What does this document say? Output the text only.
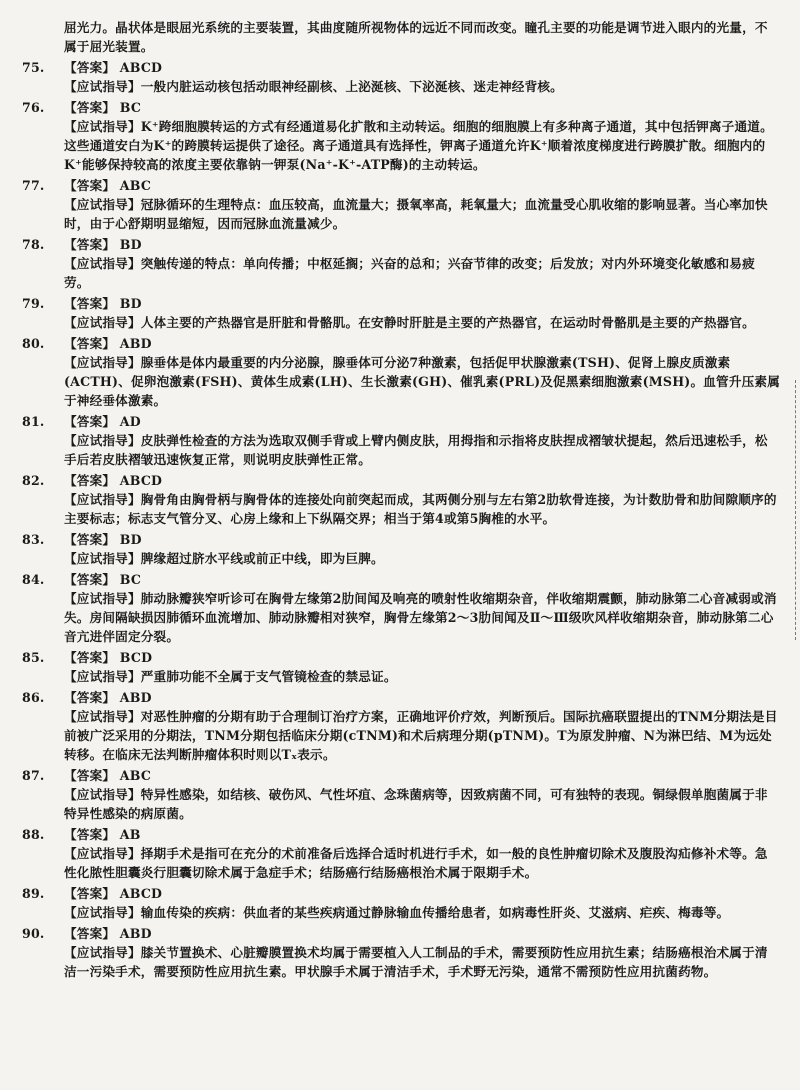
屈光力。晶状体是眼屈光系统的主要装置，其曲度随所视物体的远近不同而改变。瞳孔主要的功能是调节进入眼内的光量，不属于屈光装置。
75. 【答案】 ABCD
【应试指导】一般内脏运动核包括动眼神经副核、上泌涎核、下泌涎核、迷走神经背核。
76. 【答案】 BC
【应试指导】K⁺跨细胞膜转运的方式有经通道易化扩散和主动转运。细胞的细胞膜上有多种离子通道，其中包括钾离子通道。这些通道安白为K⁺的跨膜转运提供了途径。离子通道具有选择性，钾离子通道允许K⁺顺着浓度梯度进行跨膜扩散。细胞内的K⁺能够保持较高的浓度主要依靠钠一钾泵(Na⁺-K⁺-ATP酶)的主动转运。
77. 【答案】 ABC
【应试指导】冠脉循环的生理特点：血压较高，血流量大；摄氧率高，耗氧量大；血流量受心肌收缩的影响显著。当心率加快时，由于心舒期明显缩短，因而冠脉血流量减少。
78. 【答案】 BD
【应试指导】突触传递的特点：单向传播；中枢延搁；兴奋的总和；兴奋节律的改变；后发放；对内外环境变化敏感和易疲劳。
79. 【答案】 BD
【应试指导】人体主要的产热器官是肝脏和骨骼肌。在安静时肝脏是主要的产热器官，在运动时骨骼肌是主要的产热器官。
80. 【答案】 ABD
【应试指导】腺垂体是体内最重要的内分泌腺，腺垂体可分泌7种激素，包括促甲状腺激素(TSH)、促肾上腺皮质激素(ACTH)、促卵泡激素(FSH)、黄体生成素(LH)、生长激素(GH)、催乳素(PRL)及促黑素细胞激素(MSH)。血管升压素属于神经垂体激素。
81. 【答案】 AD
【应试指导】皮肤弹性检查的方法为选取双侧手背或上臂内侧皮肤，用拇指和示指将皮肤捏成褶皱状提起，然后迅速松手，松手后若皮肤褶皱迅速恢复正常，则说明皮肤弹性正常。
82. 【答案】 ABCD
【应试指导】胸骨角由胸骨柄与胸骨体的连接处向前突起而成，其两侧分别与左右第2肋软骨连接，为计数肋骨和肋间隙顺序的主要标志；标志支气管分叉、心房上缘和上下纵隔交界；相当于第4或第5胸椎的水平。
83. 【答案】 BD
【应试指导】脾缘超过脐水平线或前正中线，即为巨脾。
84. 【答案】 BC
【应试指导】肺动脉瓣狭窄听诊可在胸骨左缘第2肋间闻及响亮的喷射性收缩期杂音，伴收缩期震颤，肺动脉第二心音减弱或消失。房间隔缺损因肺循环血流增加、肺动脉瓣相对狭窄，胸骨左缘第2～3肋间闻及Ⅱ～Ⅲ级吹风样收缩期杂音，肺动脉第二心音亢进伴固定分裂。
85. 【答案】 BCD
【应试指导】严重肺功能不全属于支气管镜检查的禁忌证。
86. 【答案】 ABD
【应试指导】对恶性肿瘤的分期有助于合理制订治疗方案，正确地评价疗效，判断预后。国际抗癌联盟提出的TNM分期法是目前被广泛采用的分期法，TNM分期包括临床分期(cTNM)和术后病理分期(pTNM)。T为原发肿瘤、N为淋巴结、M为远处转移。在临床无法判断肿瘤体积时则以Tₓ表示。
87. 【答案】 ABC
【应试指导】特异性感染，如结核、破伤风、气性坏疽、念珠菌病等，因致病菌不同，可有独特的表现。铜绿假单胞菌属于非特异性感染的病原菌。
88. 【答案】 AB
【应试指导】择期手术是指可在充分的术前准备后选择合适时机进行手术，如一般的良性肿瘤切除术及腹股沟疝修补术等。急性化脓性胆囊炎行胆囊切除术属于急症手术；结肠癌行结肠癌根治术属于限期手术。
89. 【答案】 ABCD
【应试指导】输血传染的疾病：供血者的某些疾病通过静脉输血传播给患者，如病毒性肝炎、艾滋病、疟疾、梅毒等。
90. 【答案】 ABD
【应试指导】膝关节置换术、心脏瓣膜置换术均属于需要植入人工制品的手术，需要预防性应用抗生素；结肠癌根治术属于清洁一污染手术，需要预防性应用抗生素。甲状腺手术属于清洁手术，手术野无污染，通常不需预防性应用抗菌药物。
